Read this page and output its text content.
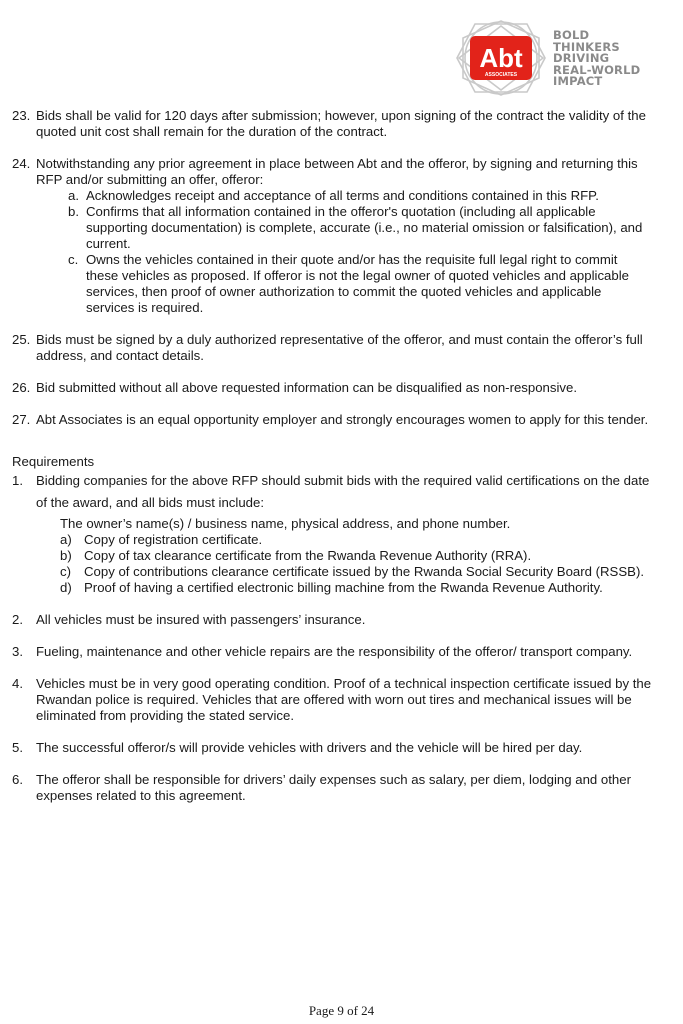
Abt
ASSOCIATES
BOLD
THINKERS
DRIVING
REAL-WORLD
IMPACT
23. Bids shall be valid for 120 days after submission; however, upon signing of the contract the validity of the quoted unit cost shall remain for the duration of the contract.
24. Notwithstanding any prior agreement in place between Abt and the offeror, by signing and returning this RFP and/or submitting an offer, offeror:
a. Acknowledges receipt and acceptance of all terms and conditions contained in this RFP.
b. Confirms that all information contained in the offeror's quotation (including all applicable supporting documentation) is complete, accurate (i.e., no material omission or falsification), and current.
c. Owns the vehicles contained in their quote and/or has the requisite full legal right to commit these vehicles as proposed. If offeror is not the legal owner of quoted vehicles and applicable services, then proof of owner authorization to commit the quoted vehicles and applicable services is required.
25. Bids must be signed by a duly authorized representative of the offeror, and must contain the offeror’s full address, and contact details.
26. Bid submitted without all above requested information can be disqualified as non-responsive.
27. Abt Associates is an equal opportunity employer and strongly encourages women to apply for this tender.
Requirements
1. Bidding companies for the above RFP should submit bids with the required valid certifications on the date of the award, and all bids must include:
The owner’s name(s) / business name, physical address, and phone number.
a) Copy of registration certificate.
b) Copy of tax clearance certificate from the Rwanda Revenue Authority (RRA).
c) Copy of contributions clearance certificate issued by the Rwanda Social Security Board (RSSB).
d) Proof of having a certified electronic billing machine from the Rwanda Revenue Authority.
2. All vehicles must be insured with passengers’ insurance.
3. Fueling, maintenance and other vehicle repairs are the responsibility of the offeror/ transport company.
4. Vehicles must be in very good operating condition. Proof of a technical inspection certificate issued by the Rwandan police is required. Vehicles that are offered with worn out tires and mechanical issues will be eliminated from providing the stated service.
5. The successful offeror/s will provide vehicles with drivers and the vehicle will be hired per day.
6. The offeror shall be responsible for drivers’ daily expenses such as salary, per diem, lodging and other expenses related to this agreement.
Page 9 of 24
